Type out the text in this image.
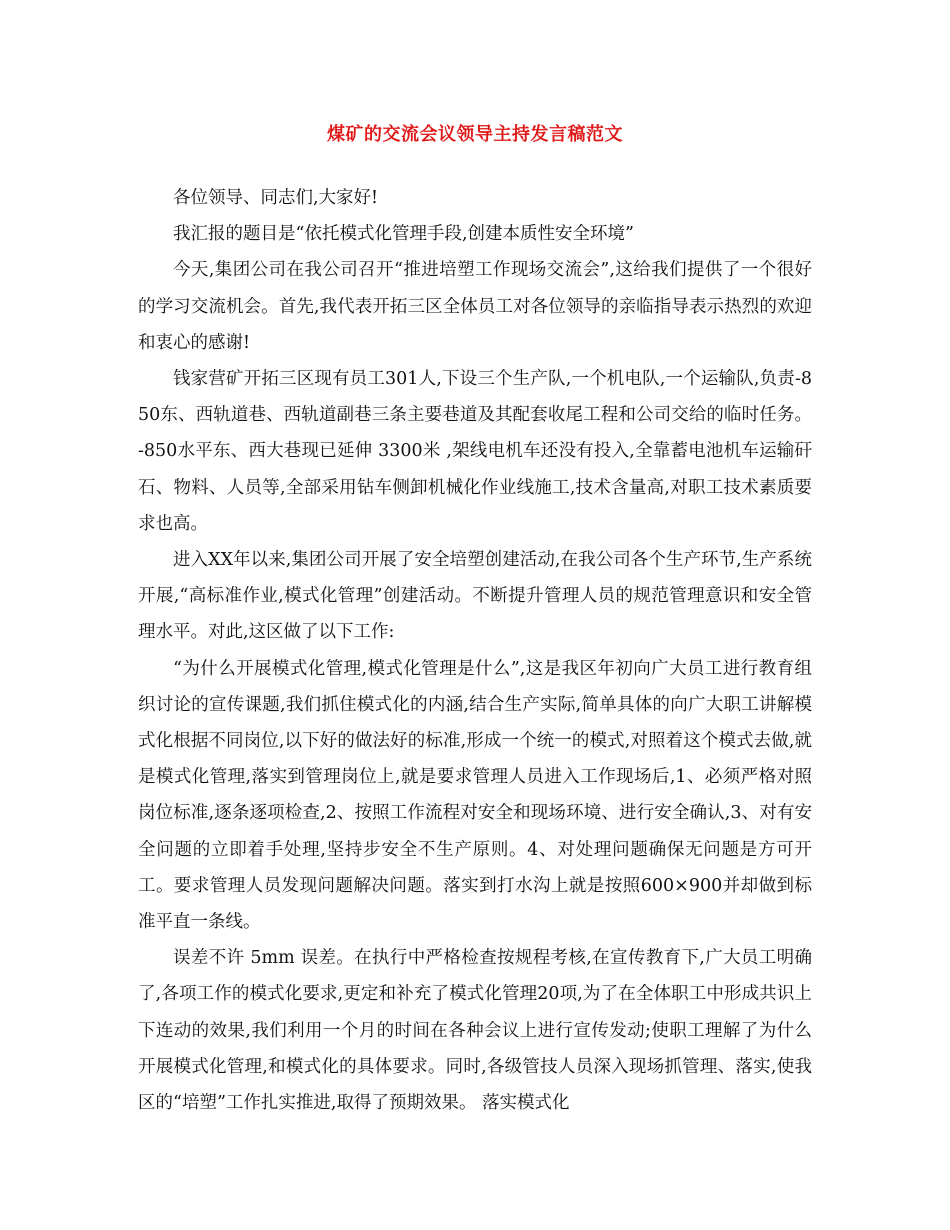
煤矿的交流会议领导主持发言稿范文

各位领导、同志们,大家好!

我汇报的题目是“依托模式化管理手段,创建本质性安全环境”

今天,集团公司在我公司召开“推进培塑工作现场交流会”,这给我们提供了一个很好的学习交流机会。首先,我代表开拓三区全体员工对各位领导的亲临指导表示热烈的欢迎和衷心的感谢!

钱家营矿开拓三区现有员工301人,下设三个生产队,一个机电队,一个运输队,负责-850东、西轨道巷、西轨道副巷三条主要巷道及其配套收尾工程和公司交给的临时任务。-850水平东、西大巷现已延伸 3300米 ,架线电机车还没有投入,全靠蓄电池机车运输矸石、物料、人员等,全部采用钻车侧卸机械化作业线施工,技术含量高,对职工技术素质要求也高。

进入XX年以来,集团公司开展了安全培塑创建活动,在我公司各个生产环节,生产系统开展,“高标准作业,模式化管理”创建活动。不断提升管理人员的规范管理意识和安全管理水平。对此,这区做了以下工作:

“为什么开展模式化管理,模式化管理是什么”,这是我区年初向广大员工进行教育组织讨论的宣传课题,我们抓住模式化的内涵,结合生产实际,简单具体的向广大职工讲解模式化根据不同岗位,以下好的做法好的标准,形成一个统一的模式,对照着这个模式去做,就是模式化管理,落实到管理岗位上,就是要求管理人员进入工作现场后,1、必须严格对照岗位标准,逐条逐项检查,2、按照工作流程对安全和现场环境、进行安全确认,3、对有安全问题的立即着手处理,坚持步安全不生产原则。4、对处理问题确保无问题是方可开工。要求管理人员发现问题解决问题。落实到打水沟上就是按照600×900并却做到标准平直一条线。

误差不许 5mm 误差。在执行中严格检查按规程考核,在宣传教育下,广大员工明确了,各项工作的模式化要求,更定和补充了模式化管理20项,为了在全体职工中形成共识上下连动的效果,我们利用一个月的时间在各种会议上进行宣传发动;使职工理解了为什么开展模式化管理,和模式化的具体要求。同时,各级管技人员深入现场抓管理、落实,使我区的“培塑”工作扎实推进,取得了预期效果。 落实模式化
